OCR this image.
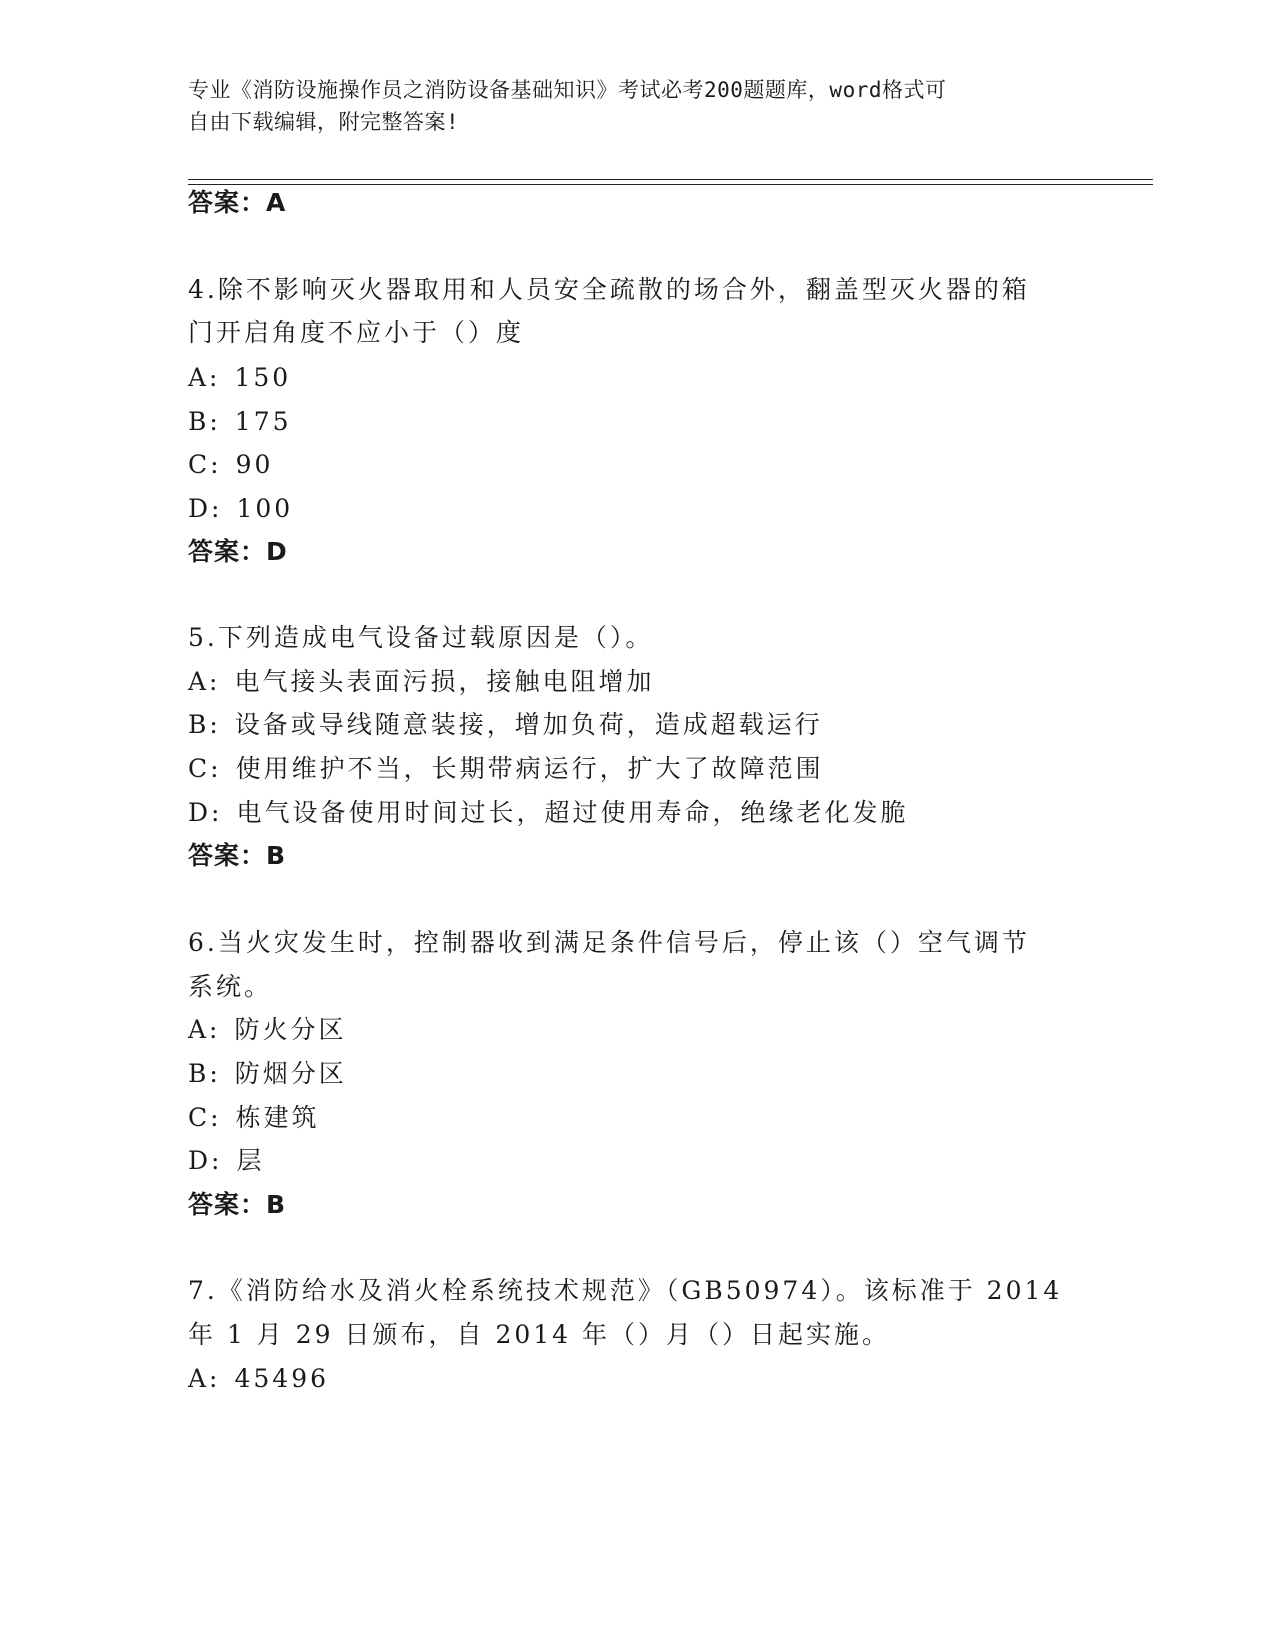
专业《消防设施操作员之消防设备基础知识》考试必考200题题库，word格式可
自由下载编辑，附完整答案!
答案：A
4.除不影响灭火器取用和人员安全疏散的场合外，翻盖型灭火器的箱
门开启角度不应小于（）度
A: 150
B: 175
C: 90
D: 100
答案：D
5.下列造成电气设备过载原因是（）。
A: 电气接头表面污损，接触电阻增加
B: 设备或导线随意装接，增加负荷，造成超载运行
C: 使用维护不当，长期带病运行，扩大了故障范围
D: 电气设备使用时间过长，超过使用寿命，绝缘老化发脆
答案：B
6.当火灾发生时，控制器收到满足条件信号后，停止该（）空气调节
系统。
A: 防火分区
B: 防烟分区
C: 栋建筑
D: 层
答案：B
7.《消防给水及消火栓系统技术规范》（GB50974）。该标准于 2014
年 1 月 29 日颁布，自 2014 年（）月（）日起实施。
A: 45496
